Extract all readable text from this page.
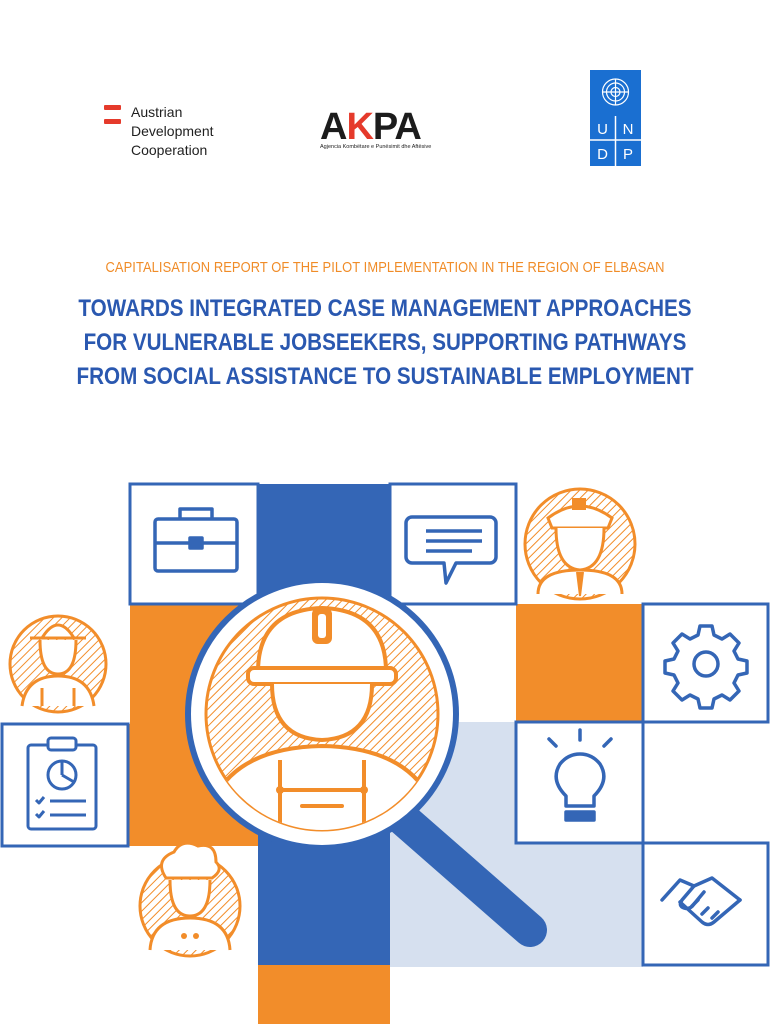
Austrian
Development
Cooperation
AKPA
Agjencia Kombëtare e Punësimit dhe Aftësive
U N
D P
CAPITALISATION REPORT OF THE PILOT IMPLEMENTATION IN THE REGION OF ELBASAN
TOWARDS INTEGRATED CASE MANAGEMENT APPROACHES
FOR VULNERABLE JOBSEEKERS, SUPPORTING PATHWAYS
FROM SOCIAL ASSISTANCE TO SUSTAINABLE EMPLOYMENT
